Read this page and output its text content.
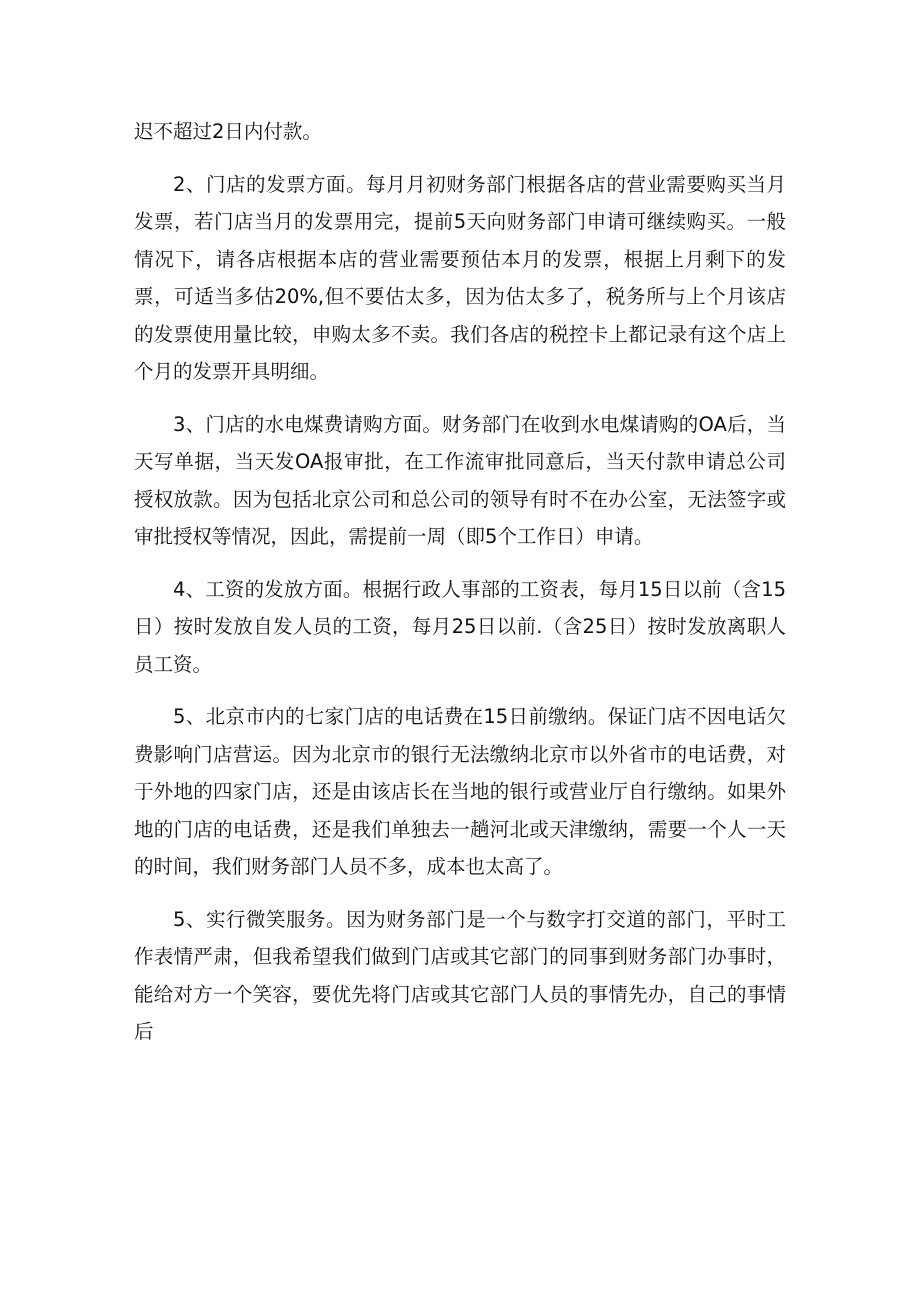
迟不超过2日内付款。

2、门店的发票方面。每月月初财务部门根据各店的营业需要购买当月发票，若门店当月的发票用完，提前5天向财务部门申请可继续购买。一般情况下，请各店根据本店的营业需要预估本月的发票，根据上月剩下的发票，可适当多估20%,但不要估太多，因为估太多了，税务所与上个月该店的发票使用量比较，申购太多不卖。我们各店的税控卡上都记录有这个店上个月的发票开具明细。

3、门店的水电煤费请购方面。财务部门在收到水电煤请购的OA后，当天写单据，当天发OA报审批，在工作流审批同意后，当天付款申请总公司授权放款。因为包括北京公司和总公司的领导有时不在办公室，无法签字或审批授权等情况，因此，需提前一周（即5个工作日）申请。

4、工资的发放方面。根据行政人事部的工资表，每月15日以前（含15日）按时发放自发人员的工资，每月25日以前.（含25日）按时发放离职人员工资。

5、北京市内的七家门店的电话费在15日前缴纳。保证门店不因电话欠费影响门店营运。因为北京市的银行无法缴纳北京市以外省市的电话费，对于外地的四家门店，还是由该店长在当地的银行或营业厅自行缴纳。如果外地的门店的电话费，还是我们单独去一趟河北或天津缴纳，需要一个人一天的时间，我们财务部门人员不多，成本也太高了。

5、实行微笑服务。因为财务部门是一个与数字打交道的部门，平时工作表情严肃，但我希望我们做到门店或其它部门的同事到财务部门办事时，能给对方一个笑容，要优先将门店或其它部门人员的事情先办，自己的事情后
